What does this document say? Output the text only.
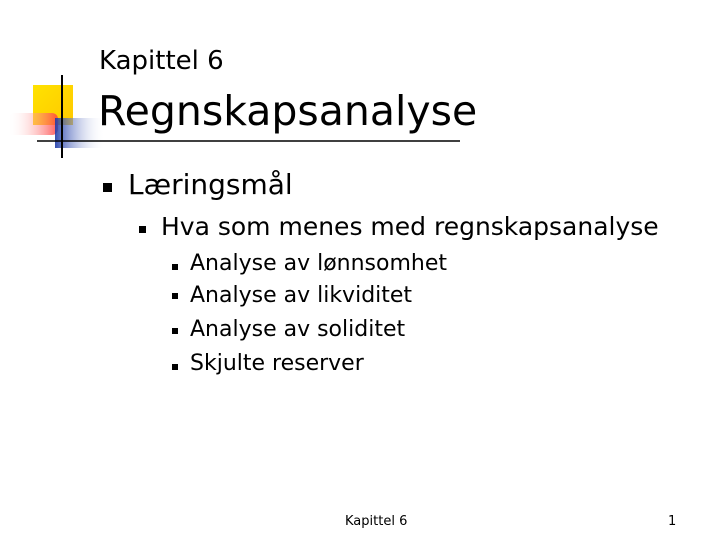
Kapittel 6
Regnskapsanalyse
Læringsmål
Hva som menes med regnskapsanalyse
Analyse av lønnsomhet
Analyse av likviditet
Analyse av soliditet
Skjulte reserver
Kapittel 6	1
